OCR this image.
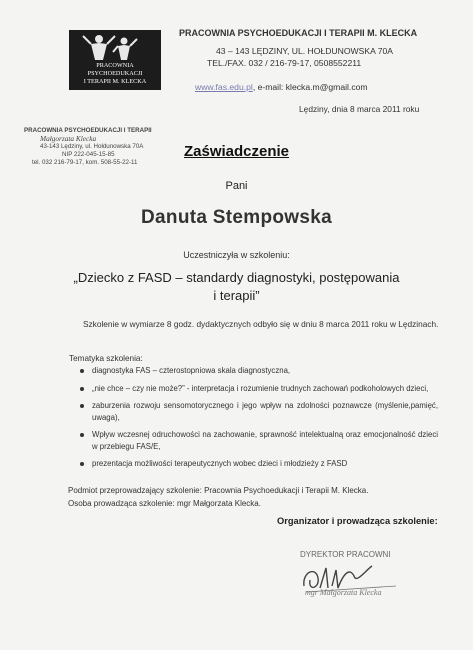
PRACOWNIA
PSYCHOEDUKACJI
I TERAPII M. KLECKA
PRACOWNIA PSYCHOEDUKACJI I TERAPII M. KLECKA
43 – 143 LĘDZINY, UL. HOŁDUNOWSKA 70A
TEL./FAX. 032 / 216-79-17, 0508552211
www.fas.edu.pl, e-mail: klecka.m@gmail.com
Lędziny, dnia 8 marca 2011 roku
PRACOWNIA PSYCHOEDUKACJI I TERAPII
Małgorzata Klecka
43-143 Lędziny, ul. Hołdunowska 70A
NIP 222-045-15-85
tel. 032 216-79-17, kom. 508-55-22-11
Zaświadczenie
Pani
Danuta Stempowska
Uczestniczyła w szkoleniu:
„Dziecko z FASD – standardy diagnostyki, postępowania
i terapii”
Szkolenie w wymiarze 8 godz. dydaktycznych odbyło się w dniu 8 marca 2011 roku w Lędzinach.
Tematyka szkolenia:
diagnostyka FAS – czterostopniowa skala diagnostyczna,
„nie chce – czy nie może?” - interpretacja i rozumienie trudnych zachowań podkoholowych dzieci,
zaburzenia rozwoju sensomotorycznego i jego wpływ na zdolności poznawcze (myślenie,pamięć, uwaga),
Wpływ wczesnej odruchowości na zachowanie, sprawność intelektualną oraz emocjonalność dzieci w przebiegu FAS/E,
prezentacja możliwości terapeutycznych wobec dzieci i młodzieży z FASD
Podmiot przeprowadzający szkolenie: Pracownia Psychoedukacji i Terapii M. Klecka.
Osoba prowadząca szkolenie: mgr Małgorzata Klecka.
Organizator i prowadząca szkolenie:
DYREKTOR PRACOWNI
mgr Małgorzata Klecka
